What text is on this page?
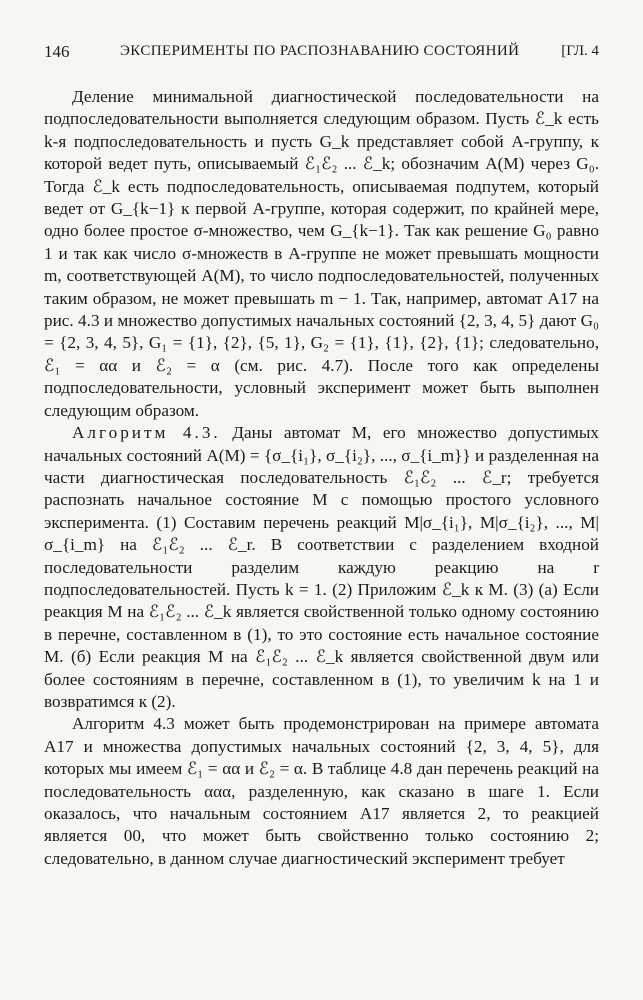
146	ЭКСПЕРИМЕНТЫ ПО РАСПОЗНАВАНИЮ СОСТОЯНИЙ	[ГЛ. 4

Деление минимальной диагностической последовательности на подпоследовательности выполняется следующим образом. Пусть ℰ_k есть k-я подпоследовательность и пусть G_k представляет собой A-группу, к которой ведет путь, описываемый ℰ₁ℰ₂ ... ℰ_k; обозначим A(M) через G₀. Тогда ℰ_k есть подпоследовательность, описываемая подпутем, который ведет от G_{k−1} к первой A-группе, которая содержит, по крайней мере, одно более простое σ-множество, чем G_{k−1}. Так как решение G₀ равно 1 и так как число σ-множеств в A-группе не может превышать мощности m, соответствующей A(M), то число подпоследовательностей, полученных таким образом, не может превышать m − 1. Так, например, автомат A17 на рис. 4.3 и множество допустимых начальных состояний {2, 3, 4, 5} дают G₀ = {2, 3, 4, 5}, G₁ = {1}, {2}, {5, 1}, G₂ = {1}, {1}, {2}, {1}; следовательно, ℰ₁ = αα и ℰ₂ = α (см. рис. 4.7). После того как определены подпоследовательности, условный эксперимент может быть выполнен следующим образом.

Алгоритм 4.3. Даны автомат M, его множество допустимых начальных состояний A(M) = {σ_{i₁}, σ_{i₂}, ..., σ_{i_m}} и разделенная на части диагностическая последовательность ℰ₁ℰ₂ ... ℰ_r; требуется распознать начальное состояние M с помощью простого условного эксперимента. (1) Составим перечень реакций M|σ_{i₁}, M|σ_{i₂}, ..., M|σ_{i_m} на ℰ₁ℰ₂ ... ℰ_r. В соответствии с разделением входной последовательности разделим каждую реакцию на r подпоследовательностей. Пусть k = 1. (2) Приложим ℰ_k к M. (3) (а) Если реакция M на ℰ₁ℰ₂ ... ℰ_k является свойственной только одному состоянию в перечне, составленном в (1), то это состояние есть начальное состояние M. (б) Если реакция M на ℰ₁ℰ₂ ... ℰ_k является свойственной двум или более состояниям в перечне, составленном в (1), то увеличим k на 1 и возвратимся к (2).

Алгоритм 4.3 может быть продемонстрирован на примере автомата A17 и множества допустимых начальных состояний {2, 3, 4, 5}, для которых мы имеем ℰ₁ = αα и ℰ₂ = α. В таблице 4.8 дан перечень реакций на последовательность ααα, разделенную, как сказано в шаге 1. Если оказалось, что начальным состоянием A17 является 2, то реакцией является 00, что может быть свойственно только состоянию 2; следовательно, в данном случае диагностический эксперимент требует
